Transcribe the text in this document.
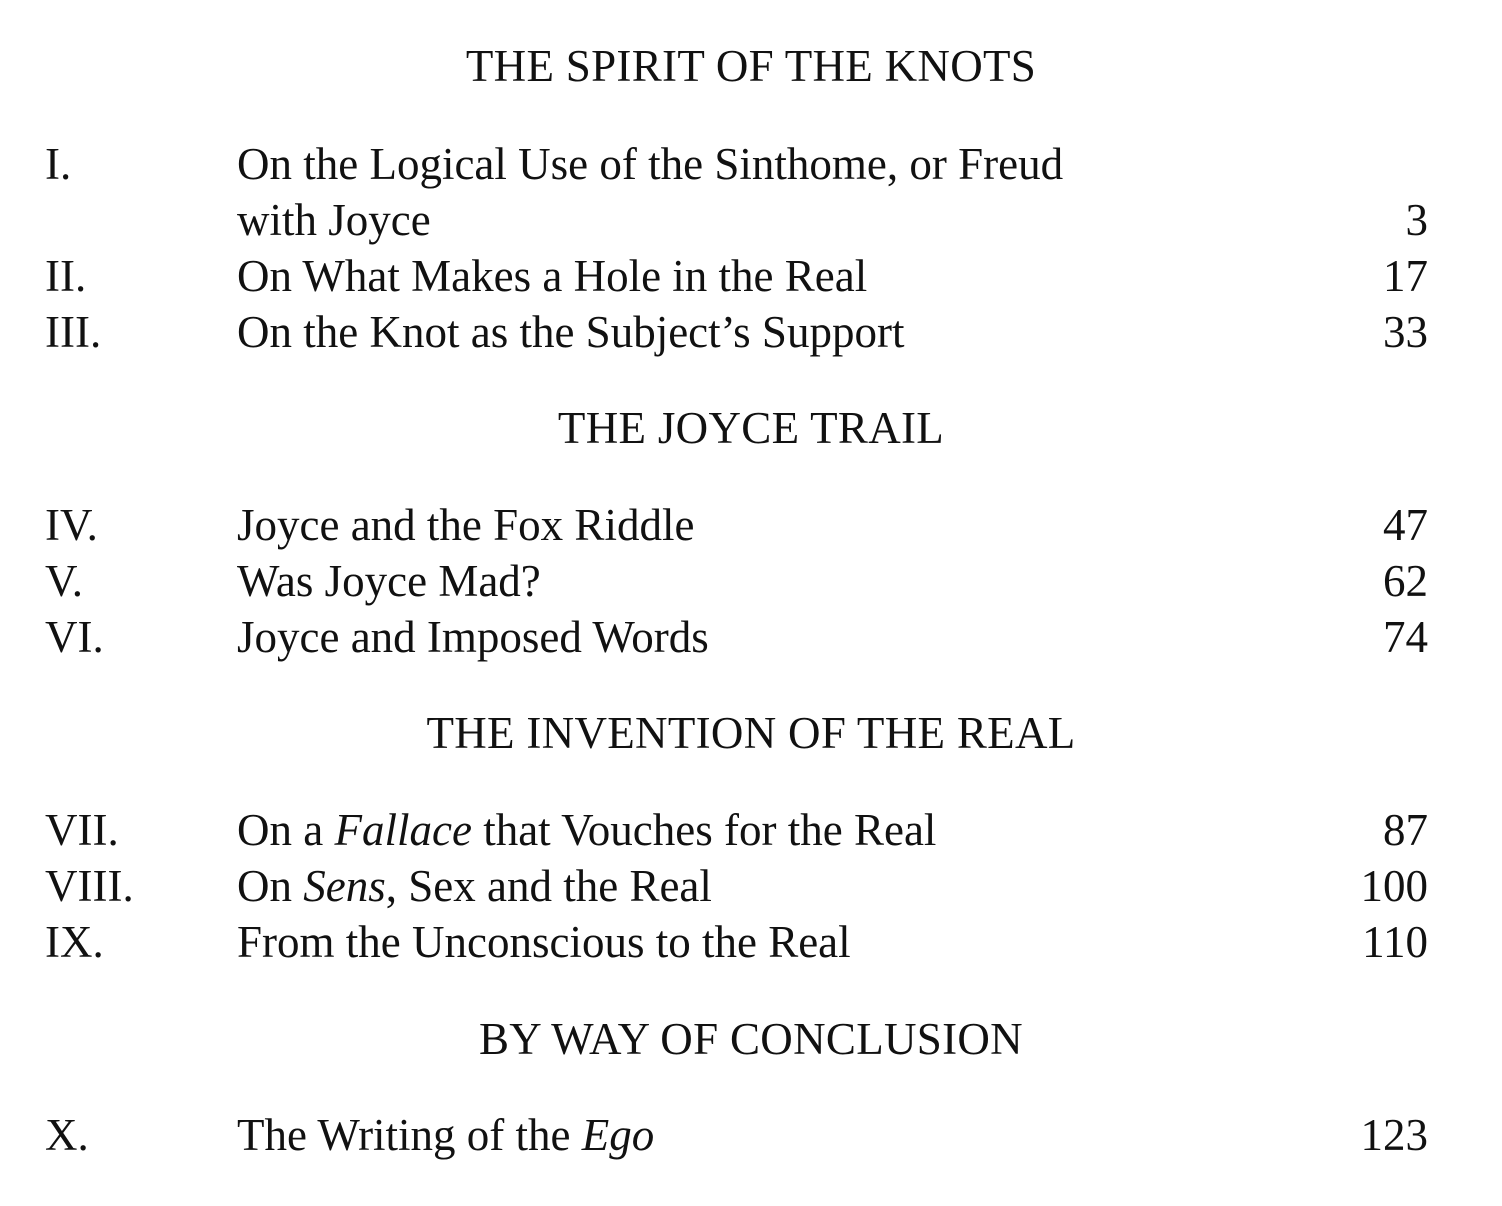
THE SPIRIT OF THE KNOTS
I.	On the Logical Use of the Sinthome, or Freud
with Joyce	3
II.	On What Makes a Hole in the Real	17
III.	On the Knot as the Subject’s Support	33
THE JOYCE TRAIL
IV.	Joyce and the Fox Riddle	47
V.	Was Joyce Mad?	62
VI.	Joyce and Imposed Words	74
THE INVENTION OF THE REAL
VII.	On a Fallace that Vouches for the Real	87
VIII. On Sens, Sex and the Real	100
IX.	From the Unconscious to the Real	110
BY WAY OF CONCLUSION
X.	The Writing of the Ego	123
